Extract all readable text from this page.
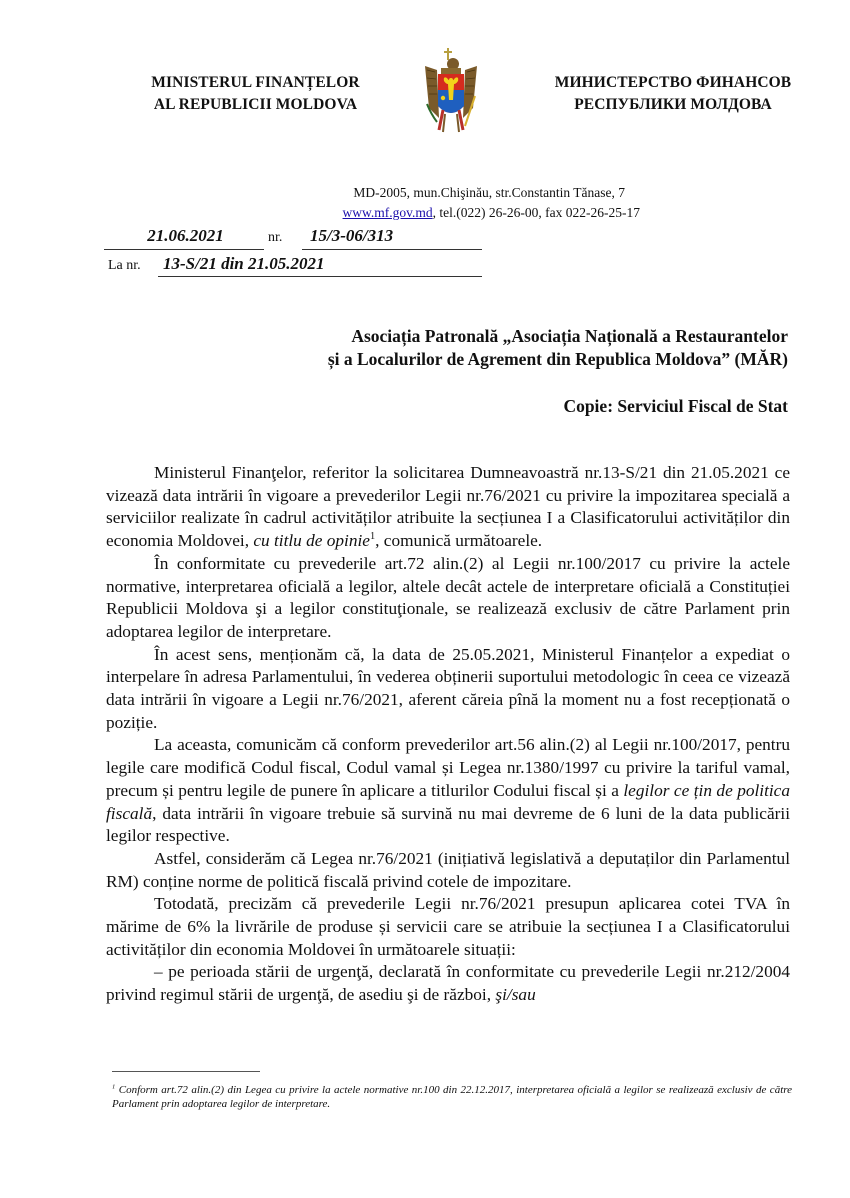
MINISTERUL FINANȚELOR
AL REPUBLICII MOLDOVA
МИНИСТЕРСТВО ФИНАНСОВ
РЕСПУБЛИКИ МОЛДОВА
MD-2005, mun.Chişinău, str.Constantin Tănase, 7
www.mf.gov.md, tel.(022) 26-26-00, fax 022-26-25-17
21.06.2021	nr. 15/3-06/313
La nr. 13-S/21 din 21.05.2021
Asociația Patronală „Asociația Națională a Restaurantelor
și a Localurilor de Agrement din Republica Moldova” (MĂR)
Copie: Serviciul Fiscal de Stat

Ministerul Finanţelor, referitor la solicitarea Dumneavoastră nr.13-S/21 din 21.05.2021 ce vizează data intrării în vigoare a prevederilor Legii nr.76/2021 cu privire la impozitarea specială a serviciilor realizate în cadrul activităților atribuite la secțiunea I a Clasificatorului activităților din economia Moldovei, cu titlu de opinie$^1$, comunică următoarele.

În conformitate cu prevederile art.72 alin.(2) al Legii nr.100/2017 cu privire la actele normative, interpretarea oficială a legilor, altele decât actele de interpretare oficială a Constituției Republicii Moldova şi a legilor constituţionale, se realizează exclusiv de către Parlament prin adoptarea legilor de interpretare.

În acest sens, menționăm că, la data de 25.05.2021, Ministerul Finanțelor a expediat o interpelare în adresa Parlamentului, în vederea obținerii suportului metodologic în ceea ce vizează data intrării în vigoare a Legii nr.76/2021, aferent căreia pînă la moment nu a fost recepționată o poziție.

La aceasta, comunicăm că conform prevederilor art.56 alin.(2) al Legii nr.100/2017, pentru legile care modifică Codul fiscal, Codul vamal și Legea nr.1380/1997 cu privire la tariful vamal, precum și pentru legile de punere în aplicare a titlurilor Codului fiscal și a legilor ce țin de politica fiscală, data intrării în vigoare trebuie să survină nu mai devreme de 6 luni de la data publicării legilor respective.

Astfel, considerăm că Legea nr.76/2021 (inițiativă legislativă a deputaților din Parlamentul RM) conține norme de politică fiscală privind cotele de impozitare.

Totodată, precizăm că prevederile Legii nr.76/2021 presupun aplicarea cotei TVA în mărime de 6% la livrările de produse și servicii care se atribuie la secțiunea I a Clasificatorului activităților din economia Moldovei în următoarele situații:

– pe perioada stării de urgenţă, declarată în conformitate cu prevederile Legii nr.212/2004 privind regimul stării de urgenţă, de asediu şi de război, şi/sau

$^1$ Conform art.72 alin.(2) din Legea cu privire la actele normative nr.100 din 22.12.2017, interpretarea oficială a legilor se realizează exclusiv de către Parlament prin adoptarea legilor de interpretare.
